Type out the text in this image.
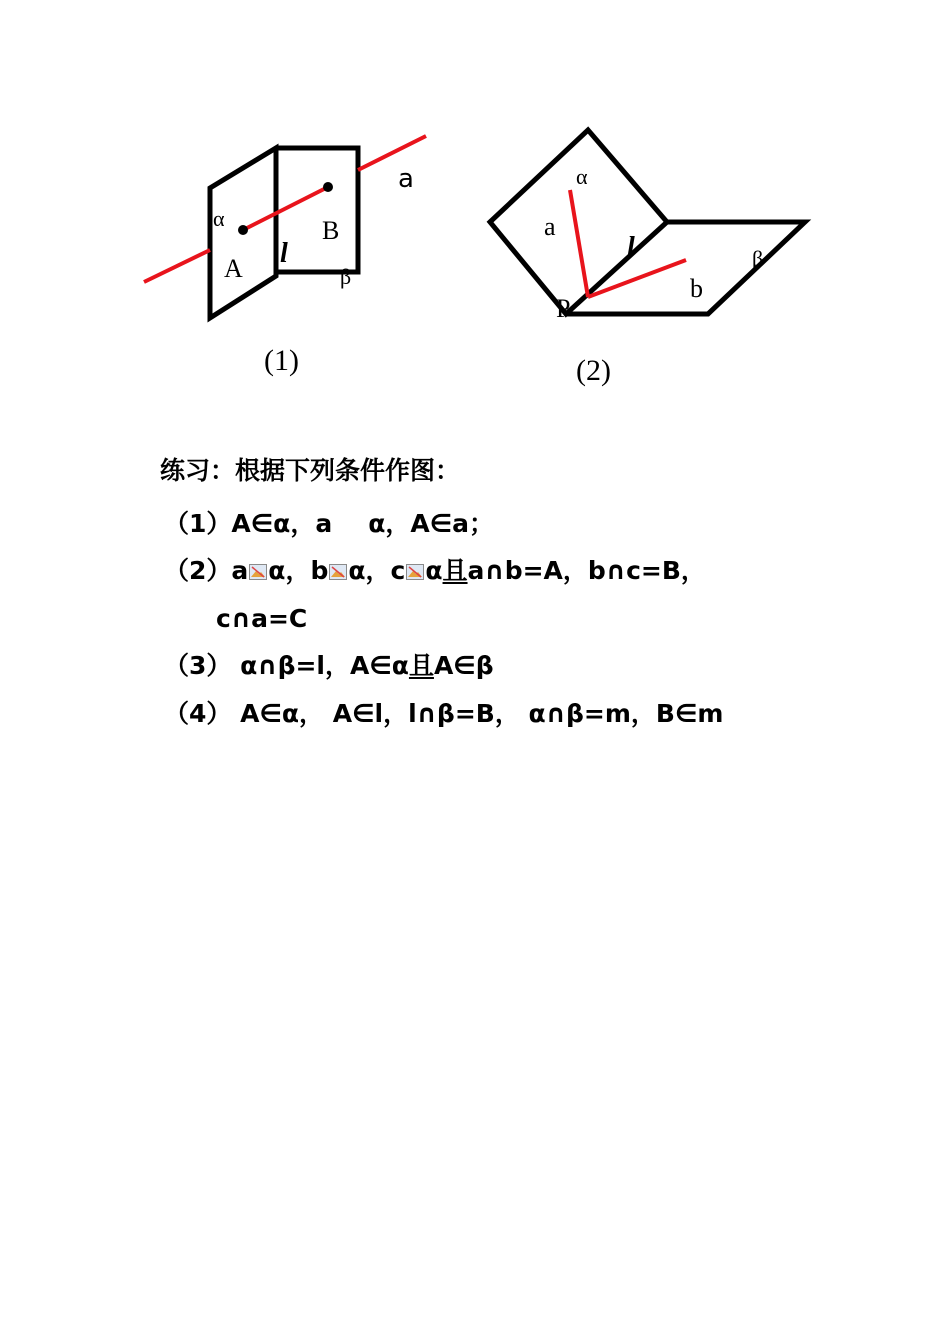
a
α
A
B
l
β
(1)
α
a
l	β
b
P
(2)
练习：根据下列条件作图：
（1）A∈α，a α，A∈a；
（2）a α，b α，c α且a∩b=A，b∩c=B，
c∩a=C
（3） α∩β=l，A∈α且A∈β
（4） A∈α， A∈l，l∩β=B， α∩β=m，B∈m
